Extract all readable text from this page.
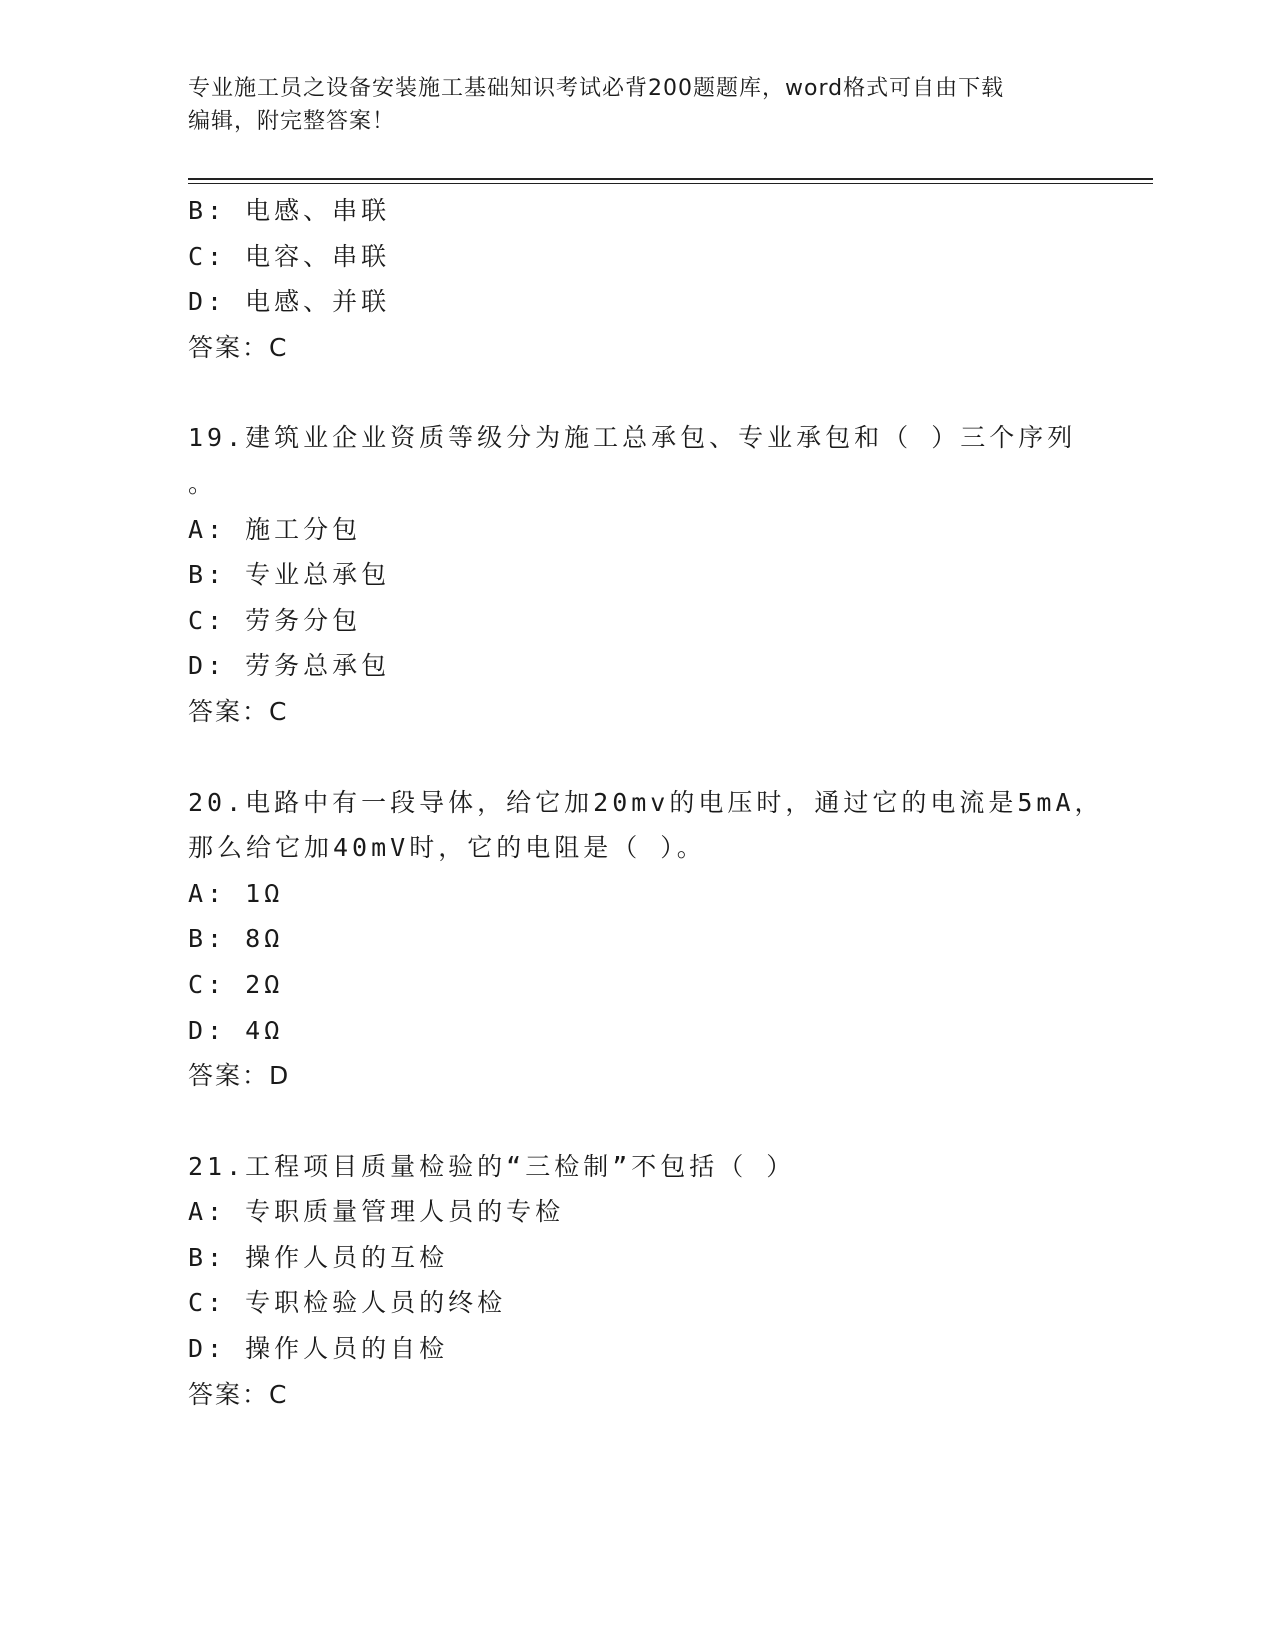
专业施工员之设备安装施工基础知识考试必背200题题库，word格式可自由下载
编辑，附完整答案！
B: 电感、串联
C: 电容、串联
D: 电感、并联
答案：C
19.建筑业企业资质等级分为施工总承包、专业承包和（ ）三个序列
。
A: 施工分包
B: 专业总承包
C: 劳务分包
D: 劳务总承包
答案：C
20.电路中有一段导体，给它加20mv的电压时，通过它的电流是5mA，
那么给它加40mV时，它的电阻是（ ）。
A: 1Ω
B: 8Ω
C: 2Ω
D: 4Ω
答案：D
21.工程项目质量检验的“三检制”不包括（ ）
A: 专职质量管理人员的专检
B: 操作人员的互检
C: 专职检验人员的终检
D: 操作人员的自检
答案：C
